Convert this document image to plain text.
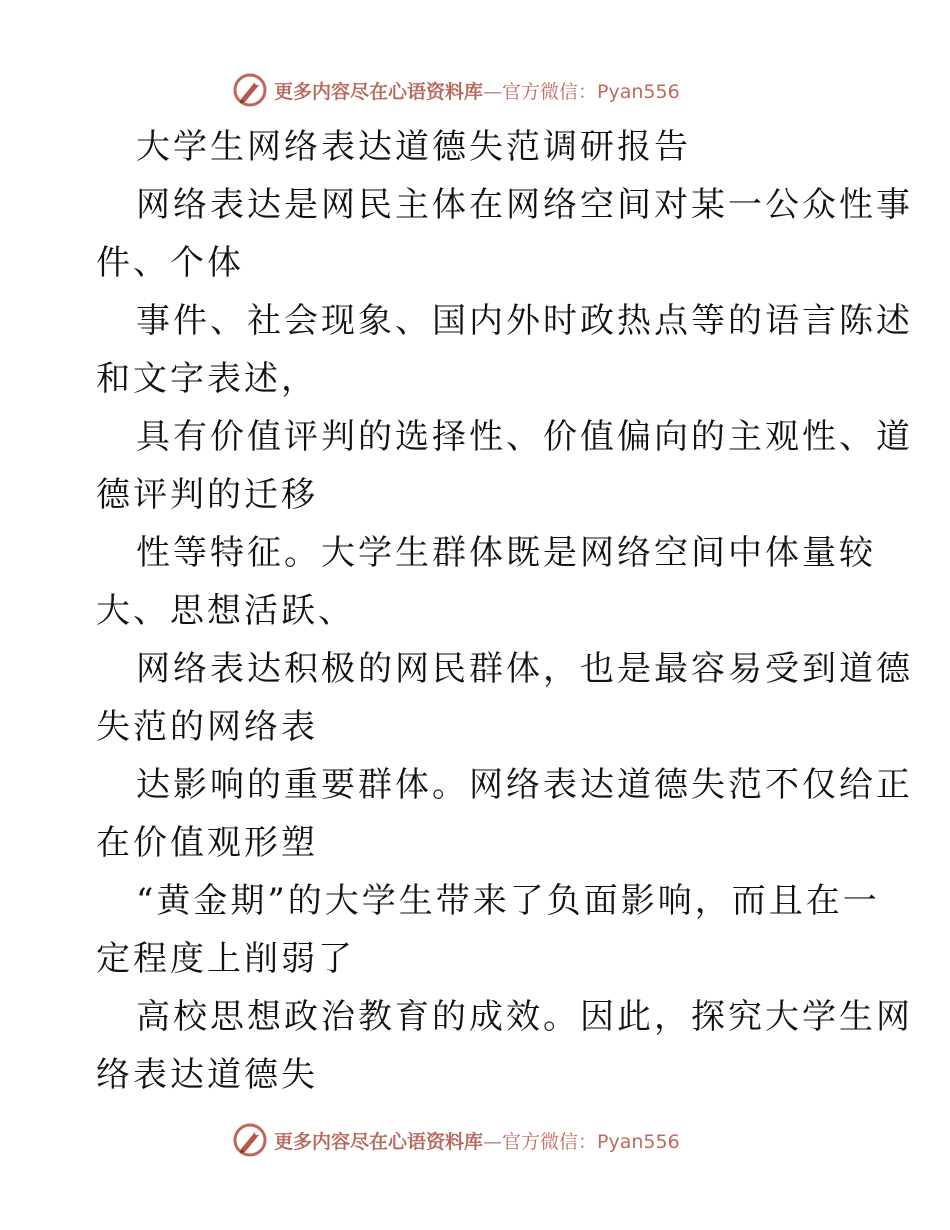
更多内容尽在心语资料库—官方微信：Pyan556
大学生网络表达道德失范调研报告
网络表达是网民主体在网络空间对某一公众性事
件、个体
事件、社会现象、国内外时政热点等的语言陈述
和文字表述，
具有价值评判的选择性、价值偏向的主观性、道
德评判的迁移
性等特征。大学生群体既是网络空间中体量较
大、思想活跃、
网络表达积极的网民群体，也是最容易受到道德
失范的网络表
达影响的重要群体。网络表达道德失范不仅给正
在价值观形塑
“黄金期”的大学生带来了负面影响，而且在一
定程度上削弱了
高校思想政治教育的成效。因此，探究大学生网
络表达道德失
更多内容尽在心语资料库—官方微信：Pyan556
